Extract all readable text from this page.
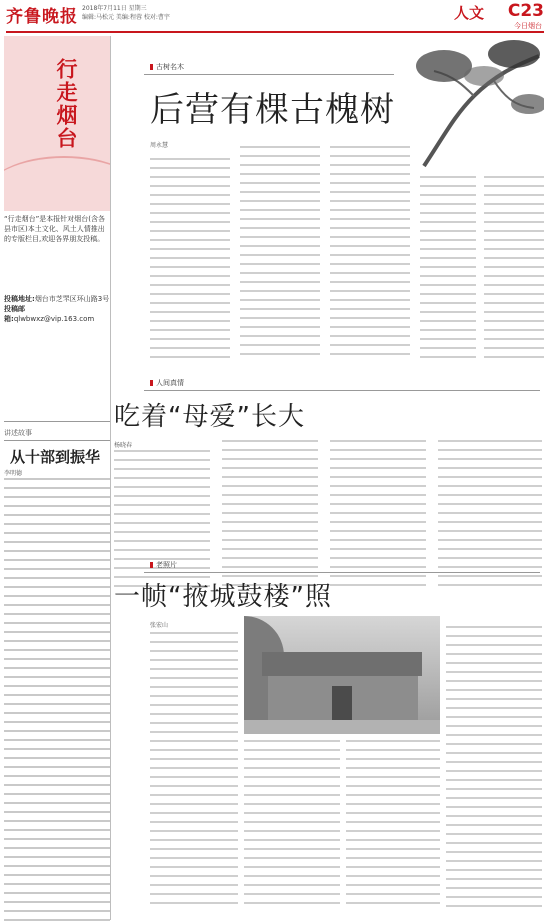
齐鲁晚报 2018年7月11日 星期三
编辑:马松元 美编:程蓉 校对:曹宇	人文 C23
今日烟台
行走烟台
“行走烟台”是本报针对烟台(含各县市区)本土文化、风土人情推出的专版栏目,欢迎各界朋友投稿。
投稿地址:烟台市芝罘区环山路3号
投稿邮箱:qlwbwxz@vip.163.com
讲述故事
从十部到振华
李明德
古树名木
后营有棵古槐树
周永慧
人间真情
吃着“母爱”长大
杨晓春
老照片
一帧“掖城鼓楼”照
张宏山
